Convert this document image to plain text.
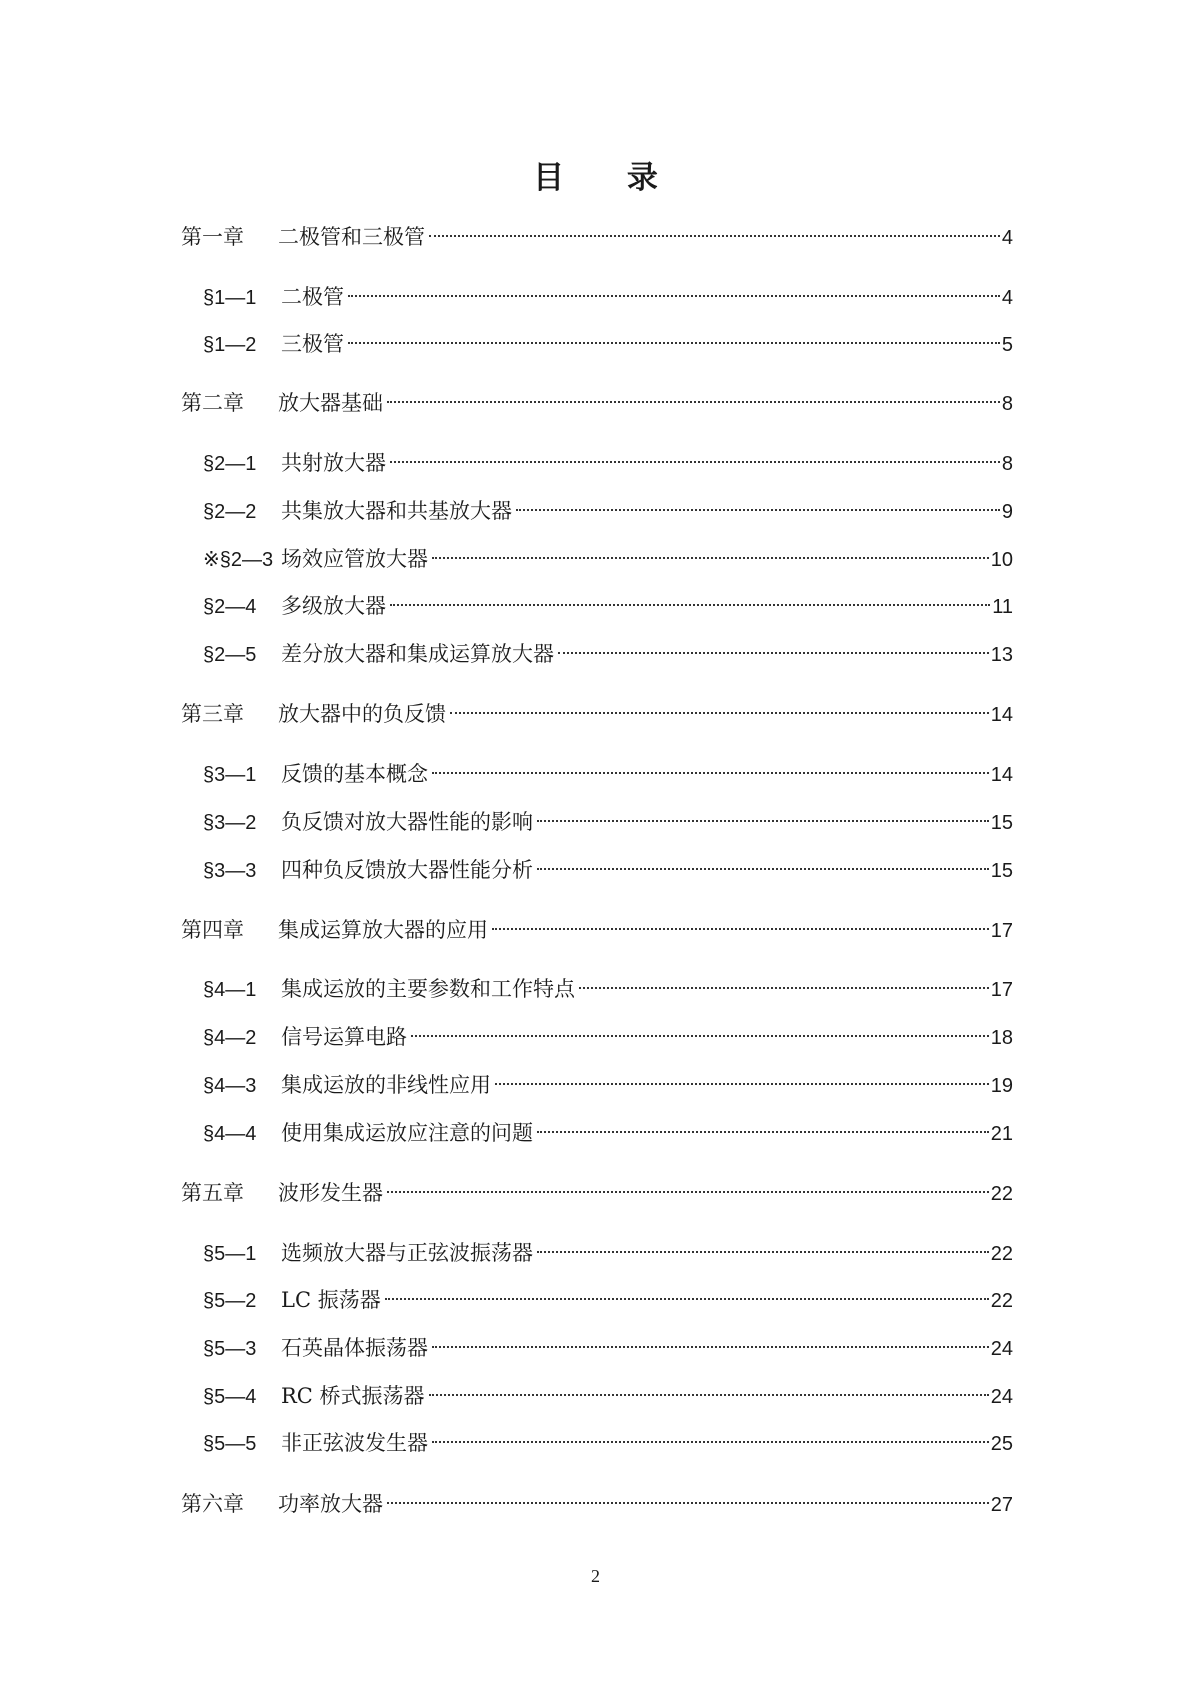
目 录
第一章	二极管和三极管	4
§1—1	二极管	4
§1—2	三极管	5
第二章	放大器基础	8
§2—1	共射放大器	8
§2—2	共集放大器和共基放大器	9
※§2—3 场效应管放大器	10
§2—4	多级放大器	11
§2—5	差分放大器和集成运算放大器	13
第三章	放大器中的负反馈	14
§3—1	反馈的基本概念	14
§3—2	负反馈对放大器性能的影响	15
§3—3	四种负反馈放大器性能分析	15
第四章	集成运算放大器的应用	17
§4—1	集成运放的主要参数和工作特点	17
§4—2	信号运算电路	18
§4—3	集成运放的非线性应用	19
§4—4	使用集成运放应注意的问题	21
第五章	波形发生器	22
§5—1	选频放大器与正弦波振荡器	22
§5—2	LC 振荡器	22
§5—3	石英晶体振荡器	24
§5—4	RC 桥式振荡器	24
§5—5	非正弦波发生器	25
第六章	功率放大器	27
2
